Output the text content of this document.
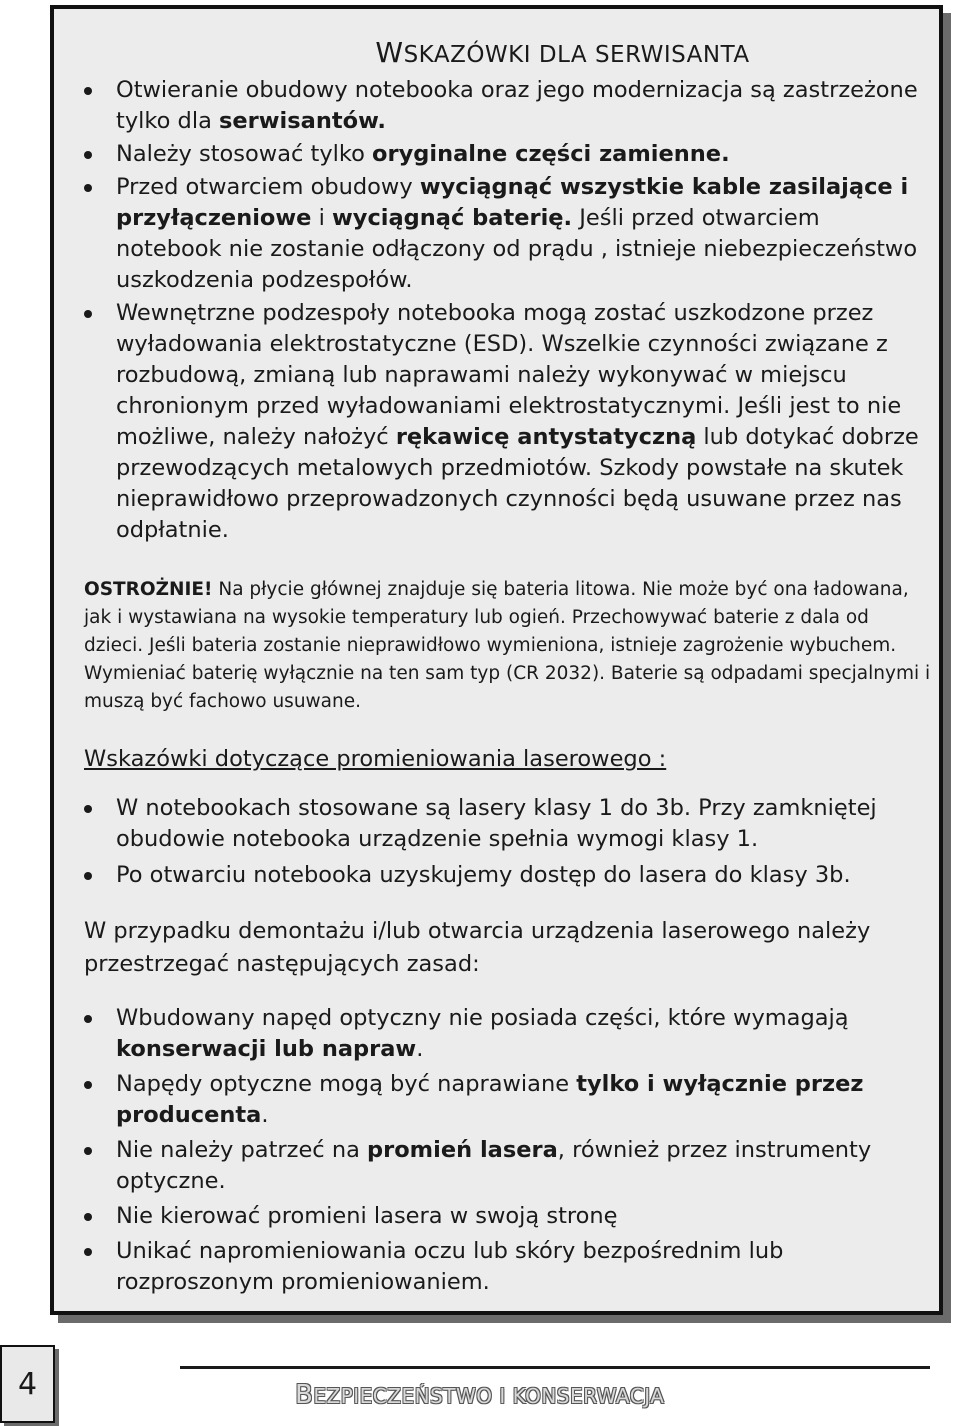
WSKAZÓWKI DLA SERWISANTA
Otwieranie obudowy notebooka oraz jego modernizacja są zastrzeżone tylko dla serwisantów.
Należy stosować tylko oryginalne części zamienne.
Przed otwarciem obudowy wyciągnąć wszystkie kable zasilające i przyłączeniowe i wyciągnąć baterię. Jeśli przed otwarciem notebook nie zostanie odłączony od prądu , istnieje niebezpieczeństwo uszkodzenia podzespołów.
Wewnętrzne podzespoły notebooka mogą zostać uszkodzone przez wyładowania elektrostatyczne (ESD). Wszelkie czynności związane z rozbudową, zmianą lub naprawami należy wykonywać w miejscu chronionym przed wyładowaniami elektrostatycznymi. Jeśli jest to nie możliwe, należy nałożyć rękawicę antystatyczną lub dotykać dobrze przewodzących metalowych przedmiotów. Szkody powstałe na skutek nieprawidłowo przeprowadzonych czynności będą usuwane przez nas odpłatnie.
OSTROŻNIE! Na płycie głównej znajduje się bateria litowa. Nie może być ona ładowana, jak i wystawiana na wysokie temperatury lub ogień. Przechowywać baterie z dala od dzieci. Jeśli bateria zostanie nieprawidłowo wymieniona, istnieje zagrożenie wybuchem. Wymieniać baterię wyłącznie na ten sam typ (CR 2032). Baterie są odpadami specjalnymi i muszą być fachowo usuwane.
Wskazówki dotyczące promieniowania laserowego :
W notebookach stosowane są lasery klasy 1 do 3b. Przy zamkniętej obudowie notebooka urządzenie spełnia wymogi klasy 1.
Po otwarciu notebooka uzyskujemy dostęp do lasera do klasy 3b.
W przypadku demontażu i/lub otwarcia urządzenia laserowego należy przestrzegać następujących zasad:
Wbudowany napęd optyczny nie posiada części, które wymagają konserwacji lub napraw.
Napędy optyczne mogą być naprawiane tylko i wyłącznie przez producenta.
Nie należy patrzeć na promień lasera, również przez instrumenty optyczne.
Nie kierować promieni lasera w swoją stronę
Unikać napromieniowania oczu lub skóry bezpośrednim lub rozproszonym promieniowaniem.
4	BEZPIECZEŃSTWO I KONSERWACJA
